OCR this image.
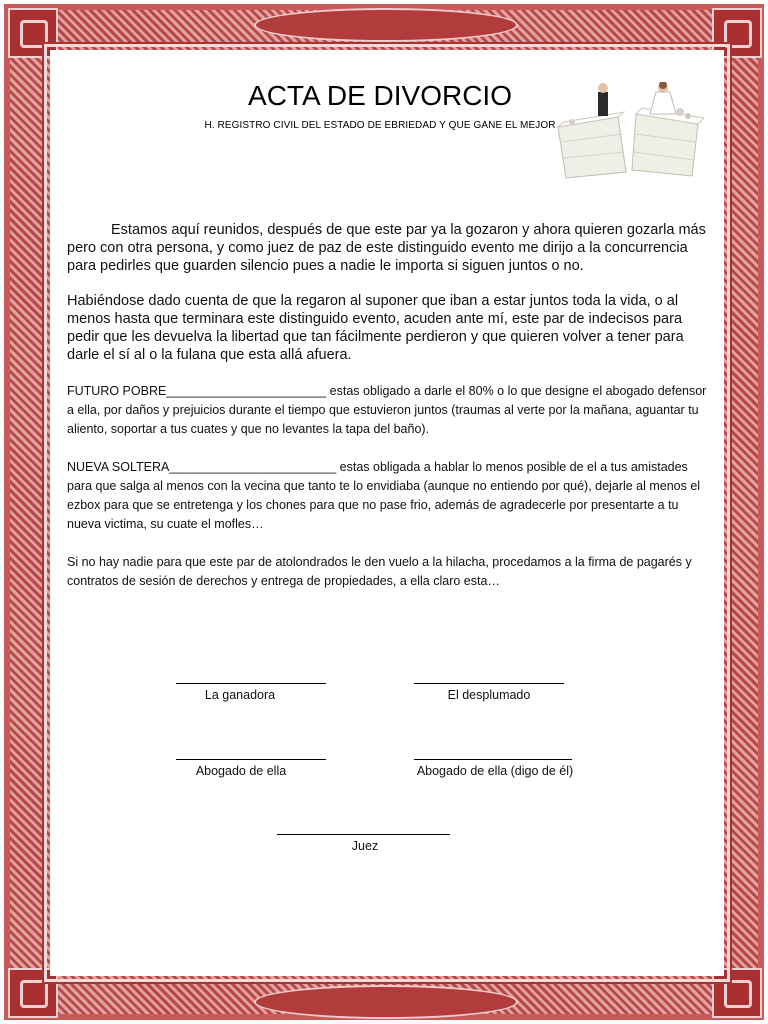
ACTA DE DIVORCIO
H. REGISTRO CIVIL DEL ESTADO DE EBRIEDAD Y QUE GANE EL MEJOR
Estamos aquí reunidos, después de que este par ya la gozaron y ahora quieren gozarla más pero con otra persona, y como juez de paz de este distinguido evento me dirijo a la concurrencia para pedirles que guarden silencio pues a nadie le importa si siguen juntos o no.
Habiéndose dado cuenta de que la regaron al suponer que iban a estar juntos toda la vida, o al menos hasta que terminara este distinguido evento, acuden ante mí, este par de indecisos para pedir que les devuelva la libertad que tan fácilmente perdieron y que quieren volver a tener para darle el sí al o la fulana que esta allá afuera.
FUTURO POBRE_______________________ estas obligado a darle el 80% o lo que designe el abogado defensor a ella, por daños y prejuicios durante el tiempo que estuvieron juntos (traumas al verte por la mañana, aguantar tu aliento, soportar a tus cuates y que no levantes la tapa del baño).
NUEVA SOLTERA________________________ estas obligada a hablar lo menos posible de el a tus amistades para que salga al menos con la vecina que tanto te lo envidiaba (aunque no entiendo por qué), dejarle al menos el ezbox para que se entretenga y los chones para que no pase frio, además de agradecerle por presentarte a tu nueva victima, su cuate el mofles…
Si no hay nadie para que este par de atolondrados le den vuelo a la hilacha, procedamos a la firma de pagarés y contratos de sesión de derechos y entrega de propiedades, a ella claro esta…
La ganadora	El desplumado
Abogado de ella	Abogado de ella (digo de él)
Juez
